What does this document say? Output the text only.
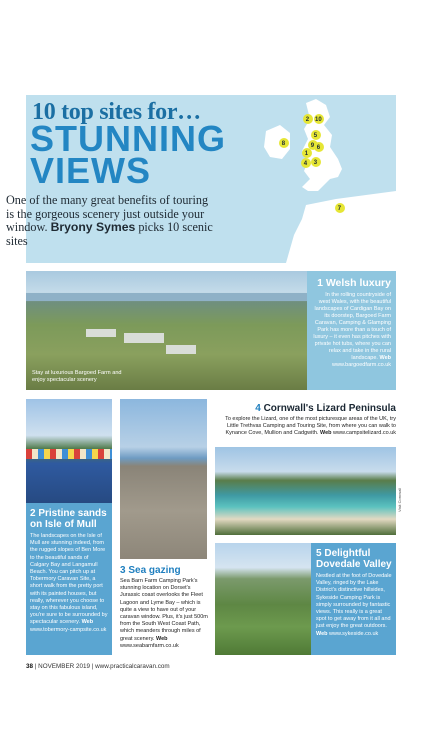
10 top sites for…
STUNNING
VIEWS
2 10
5
9 6
8
1
4 3
7

One of the many great benefits of touring is the gorgeous scenery just outside your window. Bryony Symes picks 10 scenic sites

Stay at luxurious Bargoed Farm and enjoy spectacular scenery
1 Welsh luxury
In the rolling countryside of west Wales, with the beautiful landscapes of Cardigan Bay on its doorstep, Bargoed Farm Caravan, Camping & Glamping Park has more than a touch of luxury – it even has pitches with private hot tubs, where you can relax and take in the rural landscape. Web www.bargoedfarm.co.uk
2 Pristine sands on Isle of Mull
The landscapes on the Isle of Mull are stunning indeed, from the rugged slopes of Ben More to the beautiful sands of Calgary Bay and Langamull Beach. You can pitch up at Tobermory Caravan Site, a short walk from the pretty port with its painted houses, but really, wherever you choose to stay on this fabulous island, you're sure to be surrounded by spectacular scenery. Web www.tobermory-campsite.co.uk
3 Sea gazing
Sea Barn Farm Camping Park's stunning location on Dorset's Jurassic coast overlooks the Fleet Lagoon and Lyme Bay – which is quite a view to have out of your caravan window. Plus, it's just 500m from the South West Coast Path, which meanders through miles of great scenery. Web www.seabarnfarm.co.uk
4 Cornwall's Lizard Peninsula
To explore the Lizard, one of the most picturesque areas of the UK, try Little Trethvas Camping and Touring Site, from where you can walk to Kynance Cove, Mullion and Cadgwith. Web www.campsitelizard.co.uk
Visit Cornwall
5 Delightful Dovedale Valley
Nestled at the foot of Dovedale Valley, ringed by the Lake District's distinctive hillsides, Sykeside Camping Park is simply surrounded by fantastic views. This really is a great spot to get away from it all and just enjoy the great outdoors. Web www.sykeside.co.uk
38 | NOVEMBER 2019 | www.practicalcaravan.com
